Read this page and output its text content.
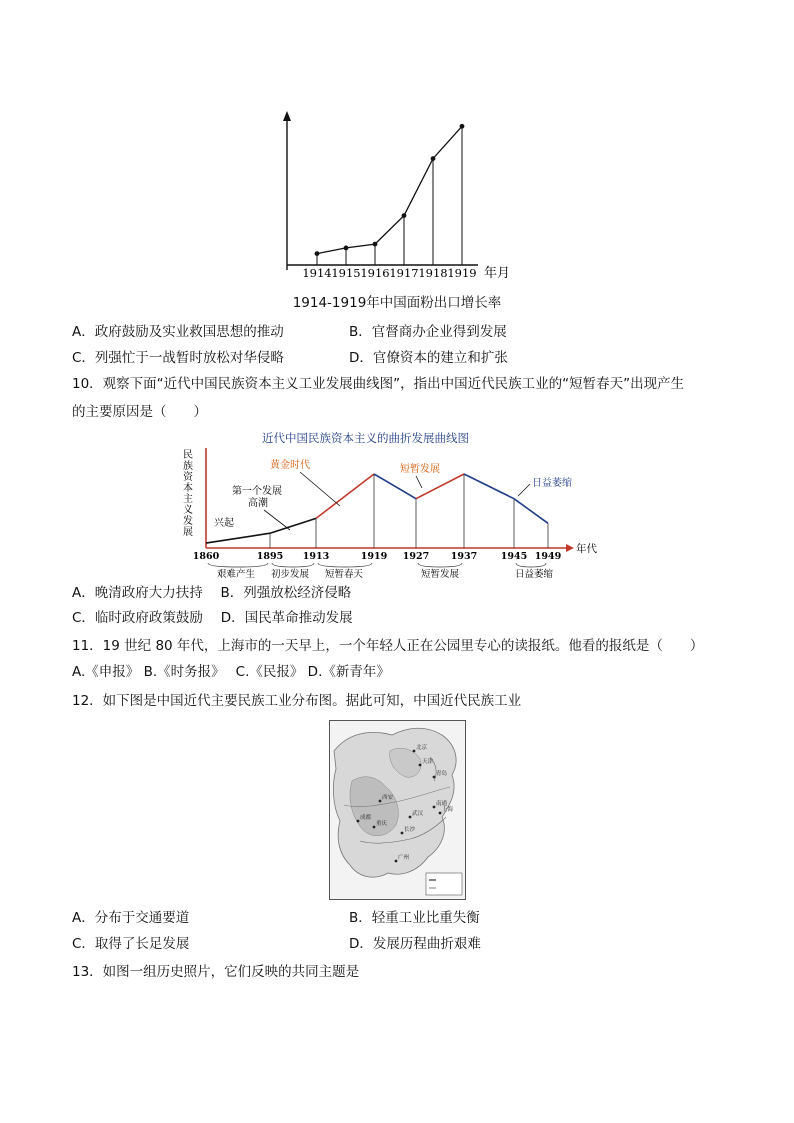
1914 1915 1916 1917 1918 1919 年月
1914-1919年中国面粉出口增长率
A．政府鼓励及实业救国思想的推动	B．官督商办企业得到发展
C．列强忙于一战暂时放松对华侵略	D．官僚资本的建立和扩张
10．观察下面“近代中国民族资本主义工业发展曲线图”，指出中国近代民族工业的“短暂春天”出现产生
的主要原因是（　　）
近代中国民族资本主义的曲折发展曲线图
民
族
资
本
主
义
发
展
1860	1895 1913	1919 1927 1937 1945 1949
年代
兴起
第一个发展
高潮
黄金时代	短暂发展
日益萎缩
艰难产生 初步发展 短暂春天	短暂发展	日益萎缩
A．晚清政府大力扶持　 B．列强放松经济侵略
C．临时政府政策鼓励　 D．国民革命推动发展
11．19 世纪 80 年代，上海市的一天早上，一个年轻人正在公园里专心的读报纸。他看的报纸是（　　）
A.《申报》 B.《时务报》　 C.《民报》 D.《新青年》
12．如下图是中国近代主要民族工业分布图。据此可知，中国近代民族工业
北京
天津
青岛
上海
南通
武汉
长沙
重庆
成都
西安
广州
A．分布于交通要道	B．轻重工业比重失衡
C．取得了长足发展	D．发展历程曲折艰难
13．如图一组历史照片，它们反映的共同主题是
